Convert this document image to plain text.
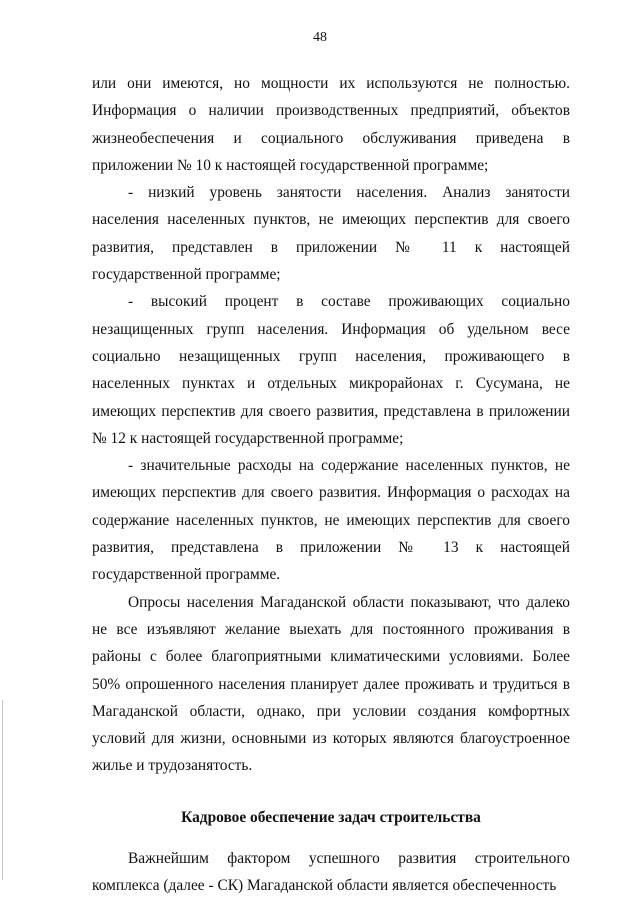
48

или они имеются, но мощности их используются не полностью. Информация о наличии производственных предприятий, объектов жизнеобеспечения и социального обслуживания приведена в приложении № 10 к настоящей государственной программе;

- низкий уровень занятости населения. Анализ занятости населения населенных пунктов, не имеющих перспектив для своего развития, представлен в приложении № 11 к настоящей государственной программе;

- высокий процент в составе проживающих социально незащищенных групп населения. Информация об удельном весе социально незащищенных групп населения, проживающего в населенных пунктах и отдельных микрорайонах г. Сусумана, не имеющих перспектив для своего развития, представлена в приложении № 12 к настоящей государственной программе;

- значительные расходы на содержание населенных пунктов, не имеющих перспектив для своего развития. Информация о расходах на содержание населенных пунктов, не имеющих перспектив для своего развития, представлена в приложении № 13 к настоящей государственной программе.

Опросы населения Магаданской области показывают, что далеко не все изъявляют желание выехать для постоянного проживания в районы с более благоприятными климатическими условиями. Более 50% опрошенного населения планирует далее проживать и трудиться в Магаданской области, однако, при условии создания комфортных условий для жизни, основными из которых являются благоустроенное жилье и трудозанятость.

Кадровое обеспечение задач строительства

Важнейшим фактором успешного развития строительного комплекса (далее - СК) Магаданской области является обеспеченность
